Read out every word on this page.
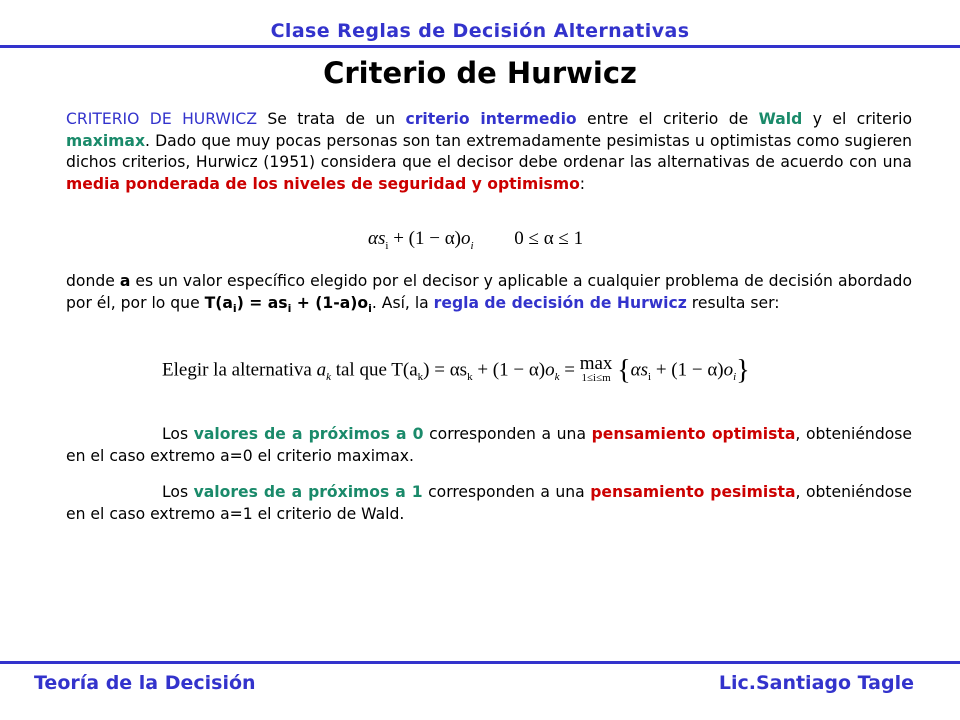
Clase Reglas de Decisión Alternativas
Criterio de Hurwicz
CRITERIO DE HURWICZ Se trata de un criterio intermedio entre el criterio de Wald y el criterio maximax. Dado que muy pocas personas son tan extremadamente pesimistas u optimistas como sugieren dichos criterios, Hurwicz (1951) considera que el decisor debe ordenar las alternativas de acuerdo con una media ponderada de los niveles de seguridad y optimismo:
$\alpha s_i + (1 - \alpha)o_i$ 0 ≤ α ≤ 1
donde a es un valor específico elegido por el decisor y aplicable a cualquier problema de decisión abordado por él, por lo que $T(a_i) = as_i + (1-a)o_i$. Así, la regla de decisión de Hurwicz resulta ser:
Elegir la alternativa $a_k$ tal que $T(a_k) = \alpha s_k + (1 - \alpha)o_k = \max$
1≤i≤m $\{\alpha s_i + (1 - \alpha)o_i\}$
Los valores de a próximos a 0 corresponden a una pensamiento optimista, obteniéndose en el caso extremo a=0 el criterio maximax.
Los valores de a próximos a 1 corresponden a una pensamiento pesimista, obteniéndose en el caso extremo a=1 el criterio de Wald.
Teoría de la Decisión	Lic.Santiago Tagle
